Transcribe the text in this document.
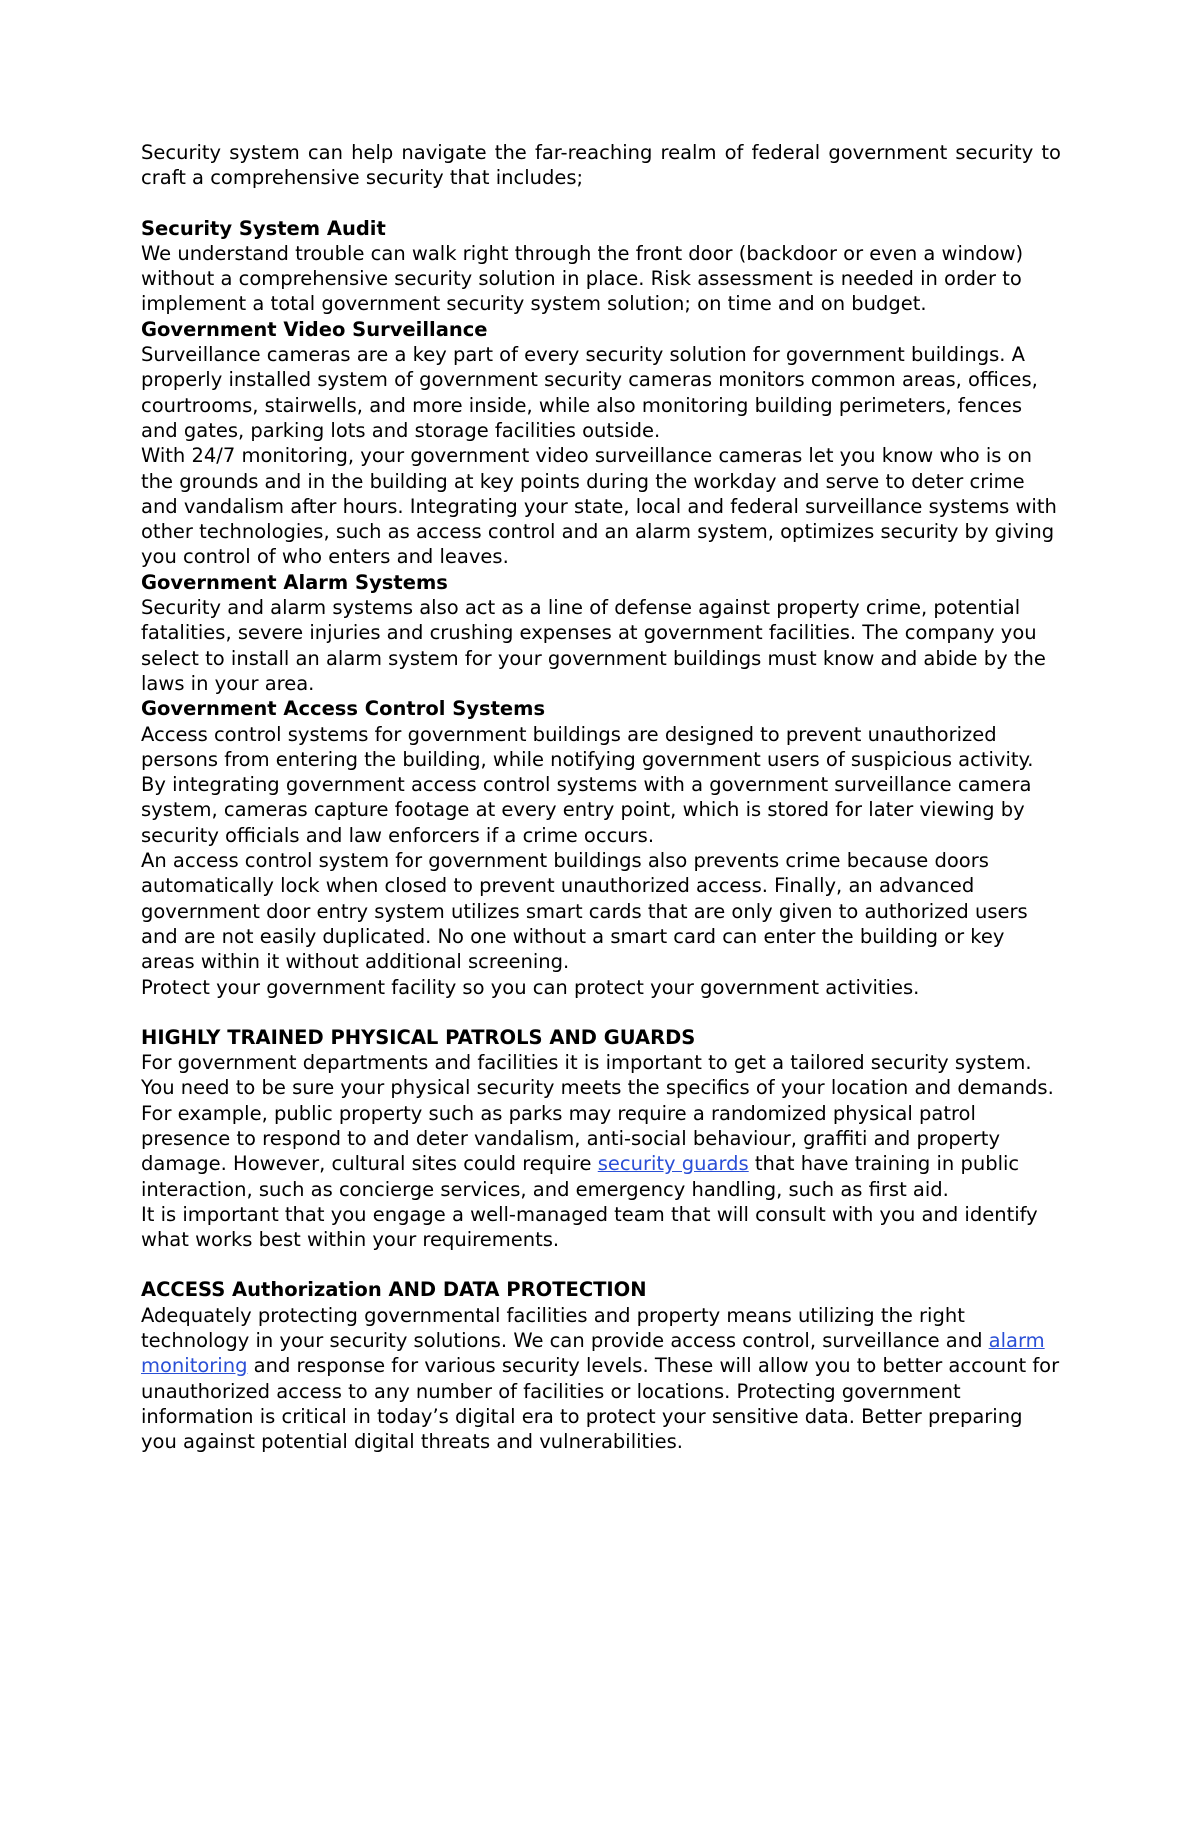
Security system can help navigate the far-reaching realm of federal government security to craft a comprehensive security that includes;

Security System Audit

We understand trouble can walk right through the front door (backdoor or even a window) without a comprehensive security solution in place. Risk assessment is needed in order to implement a total government security system solution; on time and on budget.

Government Video Surveillance

Surveillance cameras are a key part of every security solution for government buildings. A properly installed system of government security cameras monitors common areas, offices, courtrooms, stairwells, and more inside, while also monitoring building perimeters, fences and gates, parking lots and storage facilities outside.

With 24/7 monitoring, your government video surveillance cameras let you know who is on the grounds and in the building at key points during the workday and serve to deter crime and vandalism after hours. Integrating your state, local and federal surveillance systems with other technologies, such as access control and an alarm system, optimizes security by giving you control of who enters and leaves.

Government Alarm Systems

Security and alarm systems also act as a line of defense against property crime, potential fatalities, severe injuries and crushing expenses at government facilities. The company you select to install an alarm system for your government buildings must know and abide by the laws in your area.

Government Access Control Systems

Access control systems for government buildings are designed to prevent unauthorized persons from entering the building, while notifying government users of suspicious activity. By integrating government access control systems with a government surveillance camera system, cameras capture footage at every entry point, which is stored for later viewing by security officials and law enforcers if a crime occurs.

An access control system for government buildings also prevents crime because doors automatically lock when closed to prevent unauthorized access. Finally, an advanced government door entry system utilizes smart cards that are only given to authorized users and are not easily duplicated. No one without a smart card can enter the building or key areas within it without additional screening.

Protect your government facility so you can protect your government activities.

HIGHLY TRAINED PHYSICAL PATROLS AND GUARDS

For government departments and facilities it is important to get a tailored security system. You need to be sure your physical security meets the specifics of your location and demands. For example, public property such as parks may require a randomized physical patrol presence to respond to and deter vandalism, anti-social behaviour, graffiti and property damage. However, cultural sites could require security guards that have training in public interaction, such as concierge services, and emergency handling, such as first aid.

It is important that you engage a well-managed team that will consult with you and identify what works best within your requirements.

ACCESS Authorization AND DATA PROTECTION

Adequately protecting governmental facilities and property means utilizing the right technology in your security solutions. We can provide access control, surveillance and alarm monitoring and response for various security levels. These will allow you to better account for unauthorized access to any number of facilities or locations. Protecting government information is critical in today’s digital era to protect your sensitive data. Better preparing you against potential digital threats and vulnerabilities.
